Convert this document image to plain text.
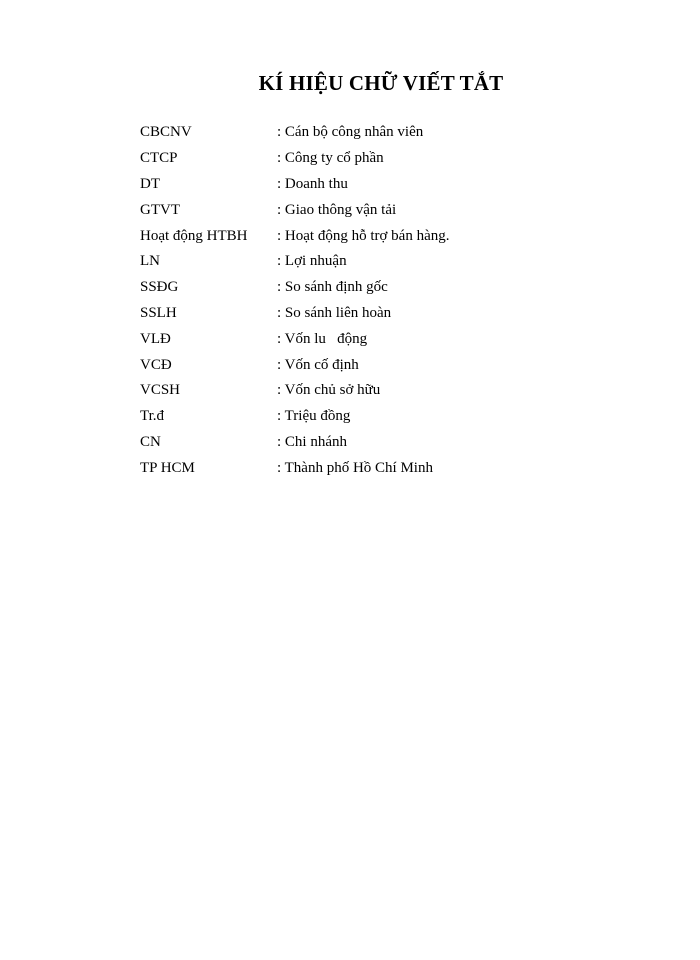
KÍ HIỆU CHỮ VIẾT TẮT
CBCNV	: Cán bộ công nhân viên
CTCP	: Công ty cổ phần
DT	: Doanh thu
GTVT	: Giao thông vận tải
Hoạt động HTBH	: Hoạt động hỗ trợ bán hàng.
LN	: Lợi nhuận
SSĐG	: So sánh định gốc
SSLH	: So sánh liên hoàn
VLĐ	: Vốn lu   động
VCĐ	: Vốn cố định
VCSH	: Vốn chủ sở hữu
Tr.đ	: Triệu đồng
CN	: Chi nhánh
TP HCM	: Thành phố Hồ Chí Minh
